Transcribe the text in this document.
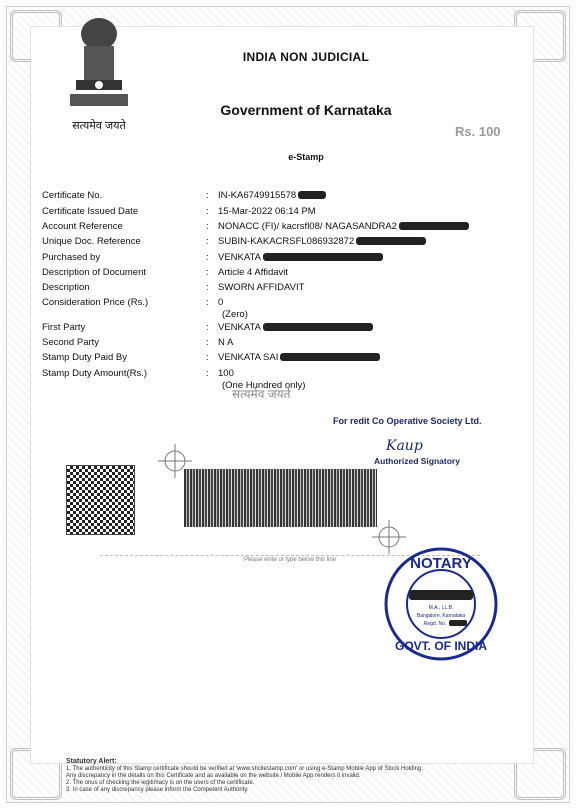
सत्यमेव जयते
INDIA NON JUDICIAL
Government of Karnataka
e-Stamp
Rs. 100
Certificate No.	: IN-KA6749915578
Certificate Issued Date	: 15-Mar-2022 06:14 PM
Account Reference	: NONACC (FI)/ kacrsfl08/ NAGASANDRA2
Unique Doc. Reference	: SUBIN-KAKACRSFL086932872
Purchased by	: VENKATA
Description of Document	: Article 4 Affidavit
Description	: SWORN AFFIDAVIT
Consideration Price (Rs.)	: 0
(Zero)
First Party	: VENKATA
Second Party	: N A
Stamp Duty Paid By	: VENKATA SAI
Stamp Duty Amount(Rs.)	: 100
(One Hundred only)
सत्यमेव जयते
For redit Co Operative Society Ltd.
Kaup
Authorized Signatory
Please write or type below this line	NOTARY
GOVT. OF INDIA
M.A., LL.B.
Bangalore, Karnataka
Regd. No.
Statutory Alert:
1. The authenticity of this Stamp certificate should be verified at 'www.shcilestamp.com' or using e-Stamp Mobile App of Stock Holding.
Any discrepancy in the details on this Certificate and as available on the website / Mobile App renders it invalid.
2. The onus of checking the legitimacy is on the users of the certificate.
3. In case of any discrepancy please inform the Competent Authority.
